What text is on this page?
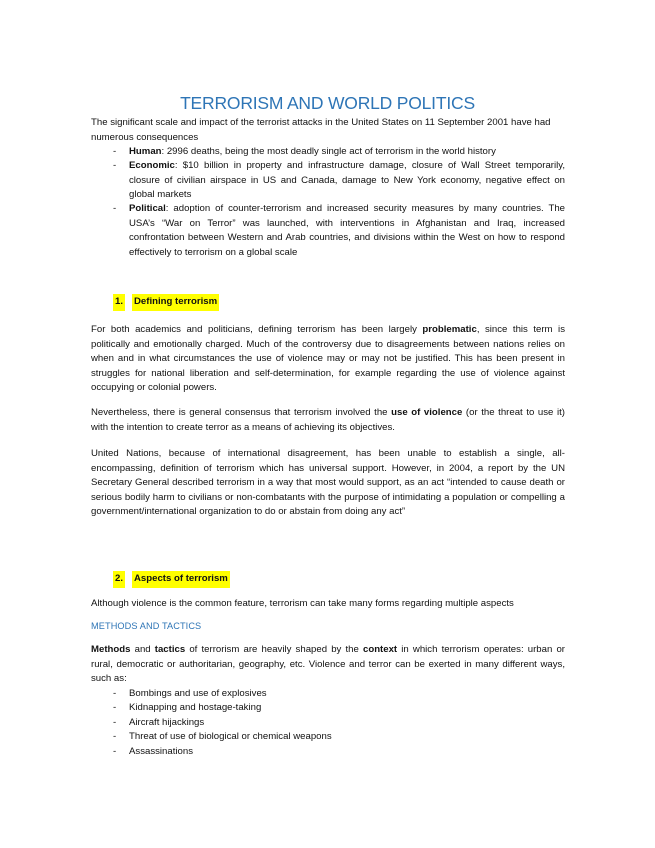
TERRORISM AND WORLD POLITICS
The significant scale and impact of the terrorist attacks in the United States on 11 September 2001 have had numerous consequences
- Human: 2996 deaths, being the most deadly single act of terrorism in the world history
- Economic: $10 billion in property and infrastructure damage, closure of Wall Street temporarily, closure of civilian airspace in US and Canada, damage to New York economy, negative effect on global markets
- Political: adoption of counter-terrorism and increased security measures by many countries. The USA’s “War on Terror” was launched, with interventions in Afghanistan and Iraq, increased confrontation between Western and Arab countries, and divisions within the West on how to respond effectively to terrorism on a global scale
1. Defining terrorism
For both academics and politicians, defining terrorism has been largely problematic, since this term is politically and emotionally charged. Much of the controversy due to disagreements between nations relies on when and in what circumstances the use of violence may or may not be justified. This has been present in struggles for national liberation and self-determination, for example regarding the use of violence against occupying or colonial powers.
Nevertheless, there is general consensus that terrorism involved the use of violence (or the threat to use it) with the intention to create terror as a means of achieving its objectives.
United Nations, because of international disagreement, has been unable to establish a single, all-encompassing, definition of terrorism which has universal support. However, in 2004, a report by the UN Secretary General described terrorism in a way that most would support, as an act “intended to cause death or serious bodily harm to civilians or non-combatants with the purpose of intimidating a population or compelling a government/international organization to do or abstain from doing any act”
2. Aspects of terrorism
Although violence is the common feature, terrorism can take many forms regarding multiple aspects
METHODS AND TACTICS
Methods and tactics of terrorism are heavily shaped by the context in which terrorism operates: urban or rural, democratic or authoritarian, geography, etc. Violence and terror can be exerted in many different ways, such as:
- Bombings and use of explosives
- Kidnapping and hostage-taking
- Aircraft hijackings
- Threat of use of biological or chemical weapons
- Assassinations
